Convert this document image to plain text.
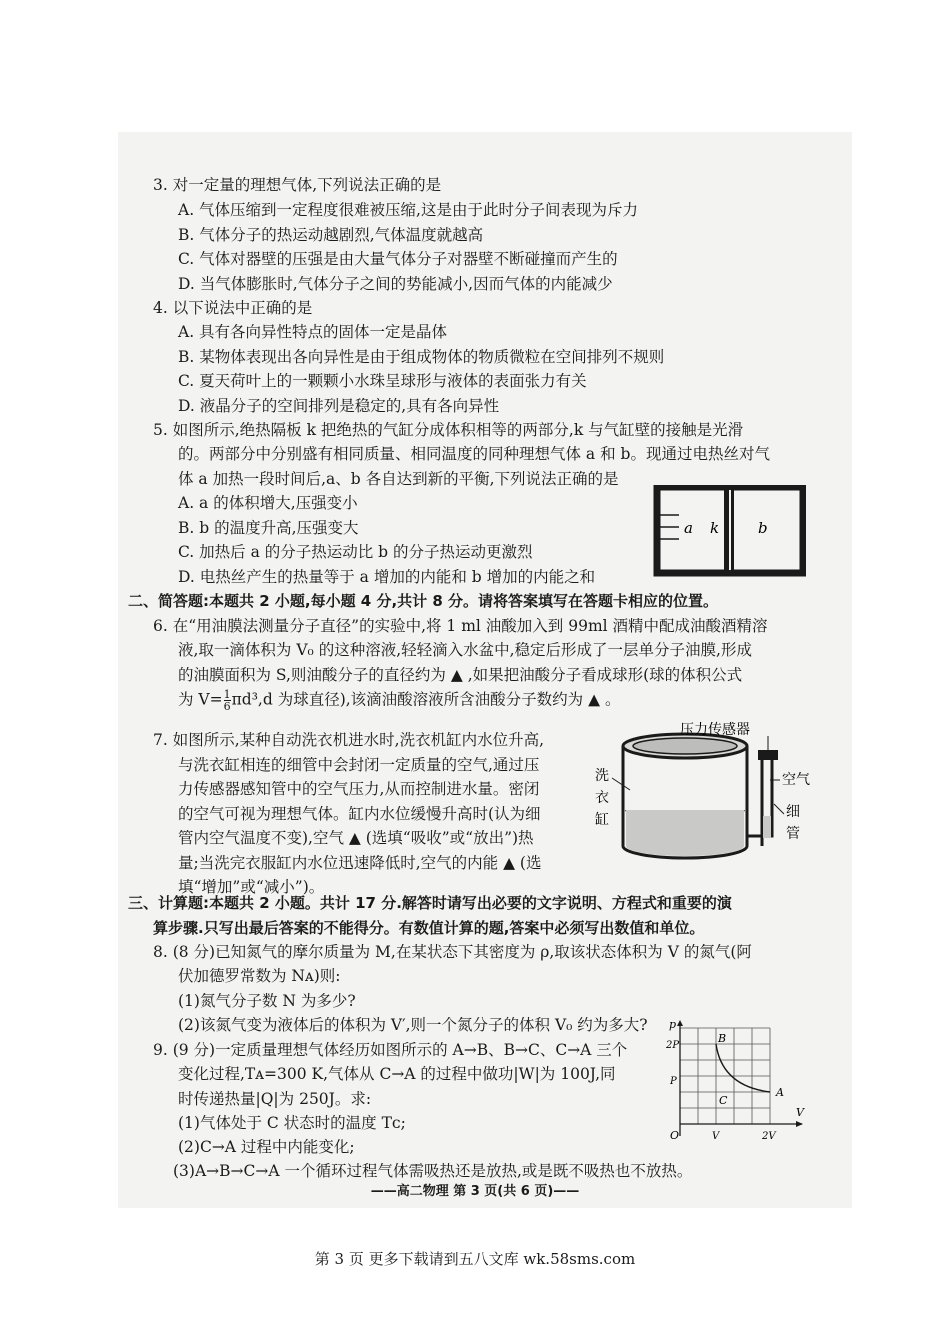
3. 对一定量的理想气体,下列说法正确的是
A. 气体压缩到一定程度很难被压缩,这是由于此时分子间表现为斥力
B. 气体分子的热运动越剧烈,气体温度就越高
C. 气体对器壁的压强是由大量气体分子对器壁不断碰撞而产生的
D. 当气体膨胀时,气体分子之间的势能减小,因而气体的内能减少
4. 以下说法中正确的是
A. 具有各向异性特点的固体一定是晶体
B. 某物体表现出各向异性是由于组成物体的物质微粒在空间排列不规则
C. 夏天荷叶上的一颗颗小水珠呈球形与液体的表面张力有关
D. 液晶分子的空间排列是稳定的,具有各向异性
5. 如图所示,绝热隔板 k 把绝热的气缸分成体积相等的两部分,k 与气缸壁的接触是光滑
的。两部分中分别盛有相同质量、相同温度的同种理想气体 a 和 b。现通过电热丝对气
体 a 加热一段时间后,a、b 各自达到新的平衡,下列说法正确的是
A. a 的体积增大,压强变小
B. b 的温度升高,压强变大
C. 加热后 a 的分子热运动比 b 的分子热运动更激烈
D. 电热丝产生的热量等于 a 增加的内能和 b 增加的内能之和
a k	b
二、简答题:本题共 2 小题,每小题 4 分,共计 8 分。请将答案填写在答题卡相应的位置。
6. 在“用油膜法测量分子直径”的实验中,将 1 ml 油酸加入到 99ml 酒精中配成油酸酒精溶
液,取一滴体积为 V₀ 的这种溶液,轻轻滴入水盆中,稳定后形成了一层单分子油膜,形成
的油膜面积为 S,则油酸分子的直径约为 ▲ ,如果把油酸分子看成球形(球的体积公式
为 $V= \frac{1}{6} \pi d^3,d$ 为球直径),该滴油酸溶液所含油酸分子数约为 ▲ 。
7. 如图所示,某种自动洗衣机进水时,洗衣机缸内水位升高,
与洗衣缸相连的细管中会封闭一定质量的空气,通过压
力传感器感知管中的空气压力,从而控制进水量。密闭
的空气可视为理想气体。缸内水位缓慢升高时(认为细
管内空气温度不变),空气 ▲ (选填“吸收”或“放出”)热
量;当洗完衣服缸内水位迅速降低时,空气的内能 ▲ (选
填“增加”或“减小”)。
压力传感器
洗
衣
缸
空气
细
管
三、计算题:本题共 2 小题。共计 17 分.解答时请写出必要的文字说明、方程式和重要的演
算步骤.只写出最后答案的不能得分。有数值计算的题,答案中必须写出数值和单位。
8. (8 分)已知氮气的摩尔质量为 M,在某状态下其密度为 ρ,取该状态体积为 V 的氮气(阿
伏加德罗常数为 Nᴀ)则:
(1)氮气分子数 N 为多少?
(2)该氮气变为液体后的体积为 V′,则一个氮分子的体积 V₀ 约为多大?
9. (9 分)一定质量理想气体经历如图所示的 A→B、B→C、C→A 三个
变化过程,Tᴀ=300 K,气体从 C→A 的过程中做功|W|为 100J,同
时传递热量|Q|为 250J。求:
(1)气体处于 C 状态时的温度 Tᴄ;
(2)C→A 过程中内能变化;
(3)A→B→C→A 一个循环过程气体需吸热还是放热,或是既不吸热也不放热。
p
V
2P
P
O	V	2V
B
A
C
——高二物理 第 3 页(共 6 页)——
第 3 页 更多下载请到五八文库 wk.58sms.com
